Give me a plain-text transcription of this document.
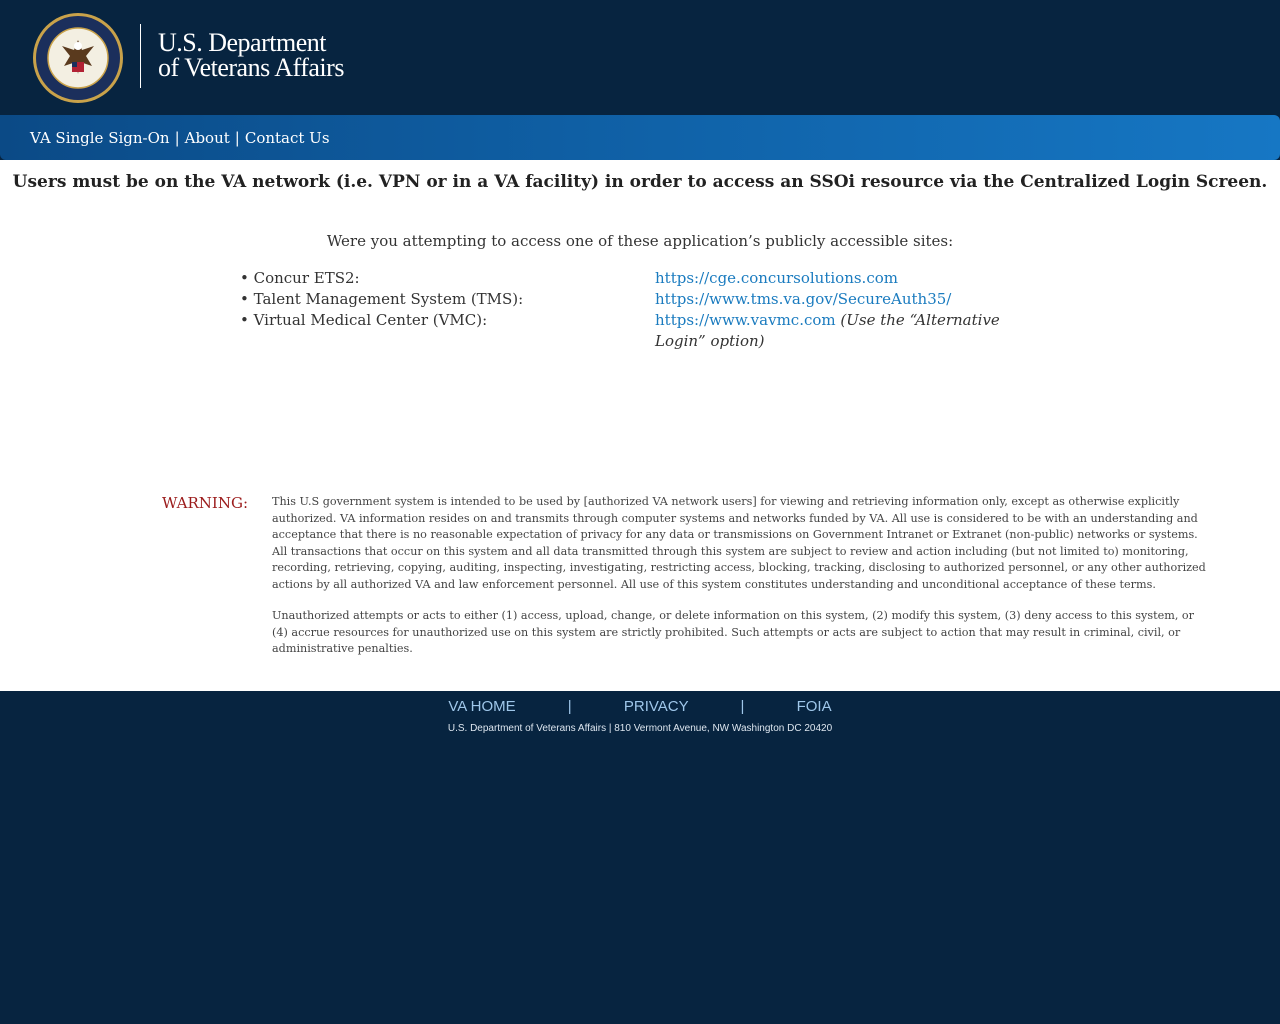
U.S. Department
of Veterans Affairs
VA Single Sign-On | About | Contact Us
Users must be on the VA network (i.e. VPN or in a VA facility) in order to access an SSOi resource via the Centralized Login Screen.
Were you attempting to access one of these application’s publicly accessible sites:
• Concur ETS2:	https://cge.concursolutions.com
• Talent Management System (TMS):	https://www.tms.va.gov/SecureAuth35/
• Virtual Medical Center (VMC):	https://www.vavmc.com (Use the “Alternative Login” option)
WARNING: This U.S government system is intended to be used by [authorized VA network users] for viewing and retrieving information only, except as otherwise explicitly authorized. VA information resides on and transmits through computer systems and networks funded by VA. All use is considered to be with an understanding and acceptance that there is no reasonable expectation of privacy for any data or transmissions on Government Intranet or Extranet (non-public) networks or systems. All transactions that occur on this system and all data transmitted through this system are subject to review and action including (but not limited to) monitoring, recording, retrieving, copying, auditing, inspecting, investigating, restricting access, blocking, tracking, disclosing to authorized personnel, or any other authorized actions by all authorized VA and law enforcement personnel. All use of this system constitutes understanding and unconditional acceptance of these terms.

Unauthorized attempts or acts to either (1) access, upload, change, or delete information on this system, (2) modify this system, (3) deny access to this system, or (4) accrue resources for unauthorized use on this system are strictly prohibited. Such attempts or acts are subject to action that may result in criminal, civil, or administrative penalties.

VA HOME	|	PRIVACY	|	FOIA
U.S. Department of Veterans Affairs | 810 Vermont Avenue, NW Washington DC 20420
